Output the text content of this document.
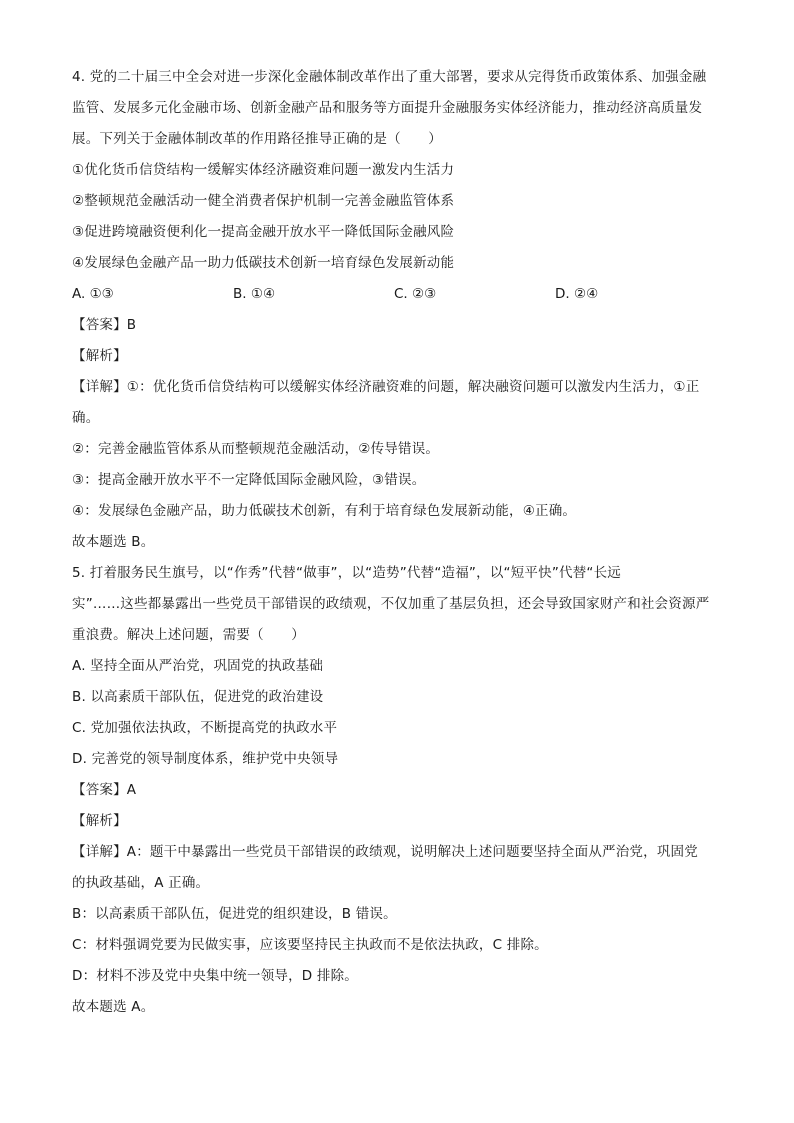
4. 党的二十届三中全会对进一步深化金融体制改革作出了重大部署，要求从完得货币政策体系、加强金融
监管、发展多元化金融市场、创新金融产品和服务等方面提升金融服务实体经济能力，推动经济高质量发
展。下列关于金融体制改革的作用路径推导正确的是（　　）
①优化货币信贷结构一缓解实体经济融资难问题一激发内生活力
②整顿规范金融活动一健全消费者保护机制一完善金融监管体系
③促进跨境融资便利化一提高金融开放水平一降低国际金融风险
④发展绿色金融产品一助力低碳技术创新一培育绿色发展新动能
A. ①③	B. ①④	C. ②③	D. ②④
【答案】B
【解析】
【详解】①：优化货币信贷结构可以缓解实体经济融资难的问题，解决融资问题可以激发内生活力，①正
确。
②：完善金融监管体系从而整顿规范金融活动，②传导错误。
③：提高金融开放水平不一定降低国际金融风险，③错误。
④：发展绿色金融产品，助力低碳技术创新，有利于培育绿色发展新动能，④正确。
故本题选 B。
5. 打着服务民生旗号，以“作秀”代替“做事”，以“造势”代替“造福”，以“短平快”代替“长远
实”……这些都暴露出一些党员干部错误的政绩观，不仅加重了基层负担，还会导致国家财产和社会资源严
重浪费。解决上述问题，需要（　　）
A. 坚持全面从严治党，巩固党的执政基础
B. 以高素质干部队伍，促进党的政治建设
C. 党加强依法执政，不断提高党的执政水平
D. 完善党的领导制度体系，维护党中央领导
【答案】A
【解析】
【详解】A：题干中暴露出一些党员干部错误的政绩观，说明解决上述问题要坚持全面从严治党，巩固党
的执政基础，A 正确。
B：以高素质干部队伍，促进党的组织建设，B 错误。
C：材料强调党要为民做实事，应该要坚持民主执政而不是依法执政，C 排除。
D：材料不涉及党中央集中统一领导，D 排除。
故本题选 A。
